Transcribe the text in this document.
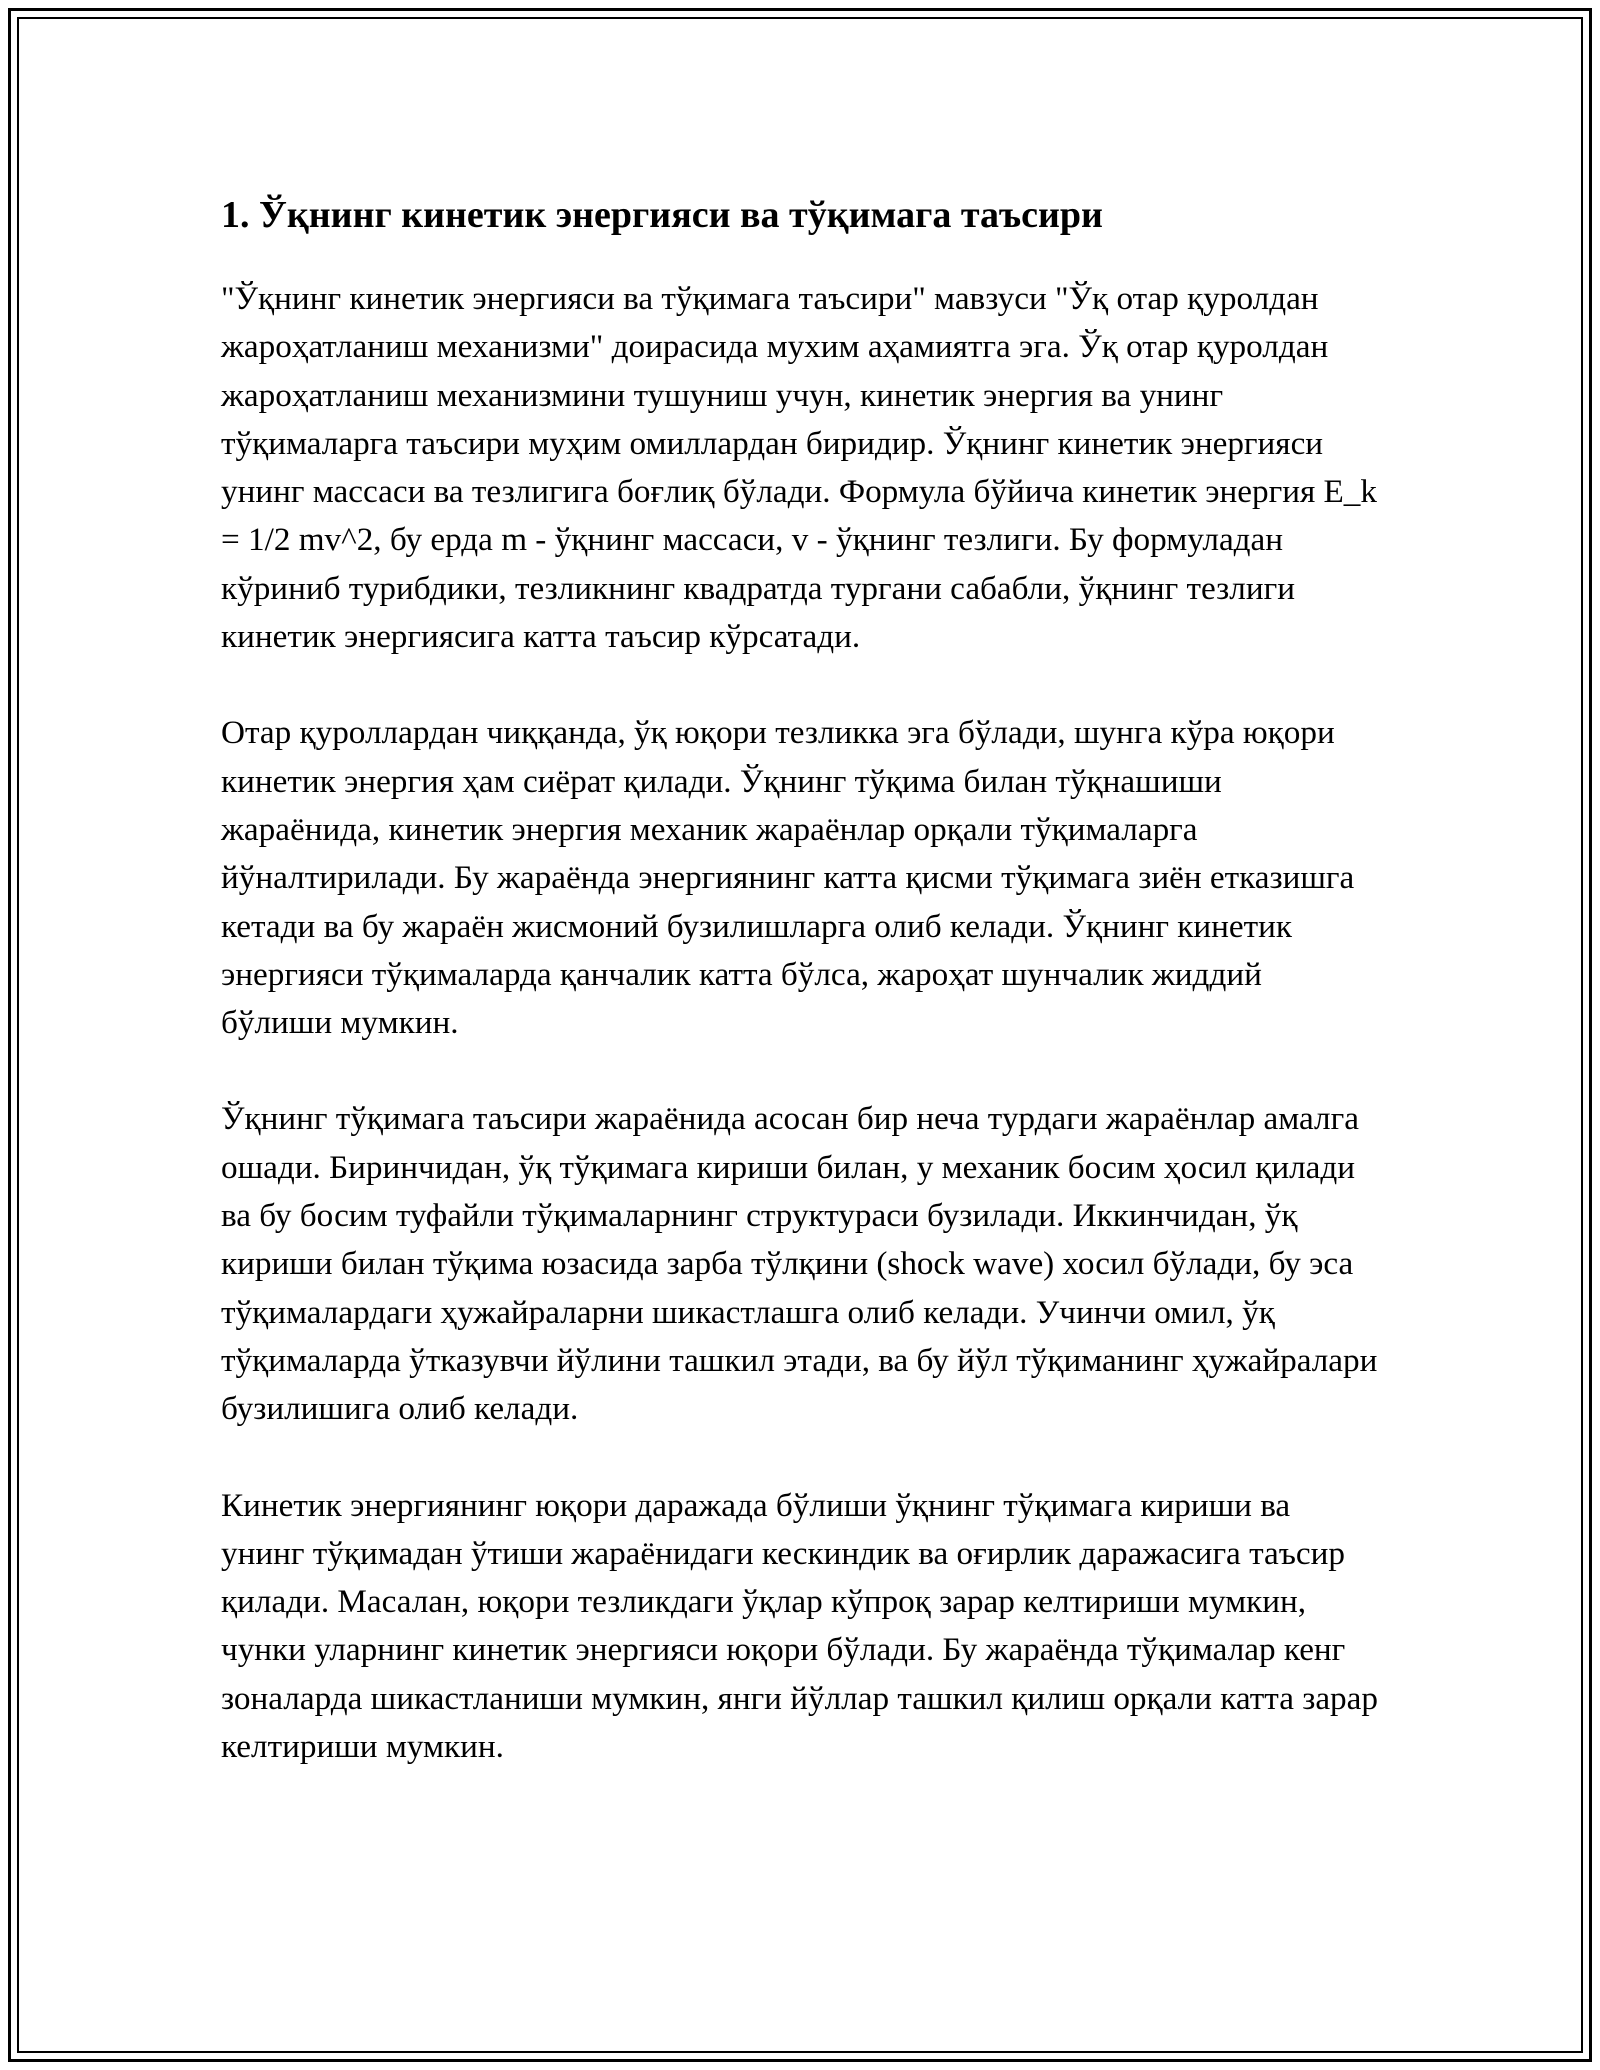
1. Ўқнинг кинетик энергияси ва тўқимага таъсири

"Ўқнинг кинетик энергияси ва тўқимага таъсири" мавзуси "Ўқ отар қуролдан жароҳатланиш механизми" доирасида мухим аҳамиятга эга. Ўқ отар қуролдан жароҳатланиш механизмини тушуниш учун, кинетик энергия ва унинг тўқималарга таъсири муҳим омиллардан биридир. Ўқнинг кинетик энергияси унинг массаси ва тезлигига боғлиқ бўлади. Формула бўйича кинетик энергия E_k = 1/2 mv^2, бу ерда m - ўқнинг массаси, v - ўқнинг тезлиги. Бу формуладан кўриниб турибдики, тезликнинг квадратда тургани сабабли, ўқнинг тезлиги кинетик энергиясига катта таъсир кўрсатади.

Отар қуроллардан чиққанда, ўқ юқори тезликка эга бўлади, шунга кўра юқори кинетик энергия ҳам сиёрат қилади. Ўқнинг тўқима билан тўқнашиши жараёнида, кинетик энергия механик жараёнлар орқали тўқималарга йўналтирилади. Бу жараёнда энергиянинг катта қисми тўқимага зиён етказишга кетади ва бу жараён жисмоний бузилишларга олиб келади. Ўқнинг кинетик энергияси тўқималарда қанчалик катта бўлса, жароҳат шунчалик жиддий бўлиши мумкин.

Ўқнинг тўқимага таъсири жараёнида асосан бир неча турдаги жараёнлар амалга ошади. Биринчидан, ўқ тўқимага кириши билан, у механик босим ҳосил қилади ва бу босим туфайли тўқималарнинг структураси бузилади. Иккинчидан, ўқ кириши билан тўқима юзасида зарба тўлқини (shock wave) хосил бўлади, бу эса тўқималардаги ҳужайраларни шикастлашга олиб келади. Учинчи омил, ўқ тўқималарда ўтказувчи йўлини ташкил этади, ва бу йўл тўқиманинг ҳужайралари бузилишига олиб келади.

Кинетик энергиянинг юқори даражада бўлиши ўқнинг тўқимага кириши ва унинг тўқимадан ўтиши жараёнидаги кескиндик ва оғирлик даражасига таъсир қилади. Масалан, юқори тезликдаги ўқлар кўпроқ зарар келтириши мумкин, чунки уларнинг кинетик энергияси юқори бўлади. Бу жараёнда тўқималар кенг зоналарда шикастланиши мумкин, янги йўллар ташкил қилиш орқали катта зарар келтириши мумкин.
